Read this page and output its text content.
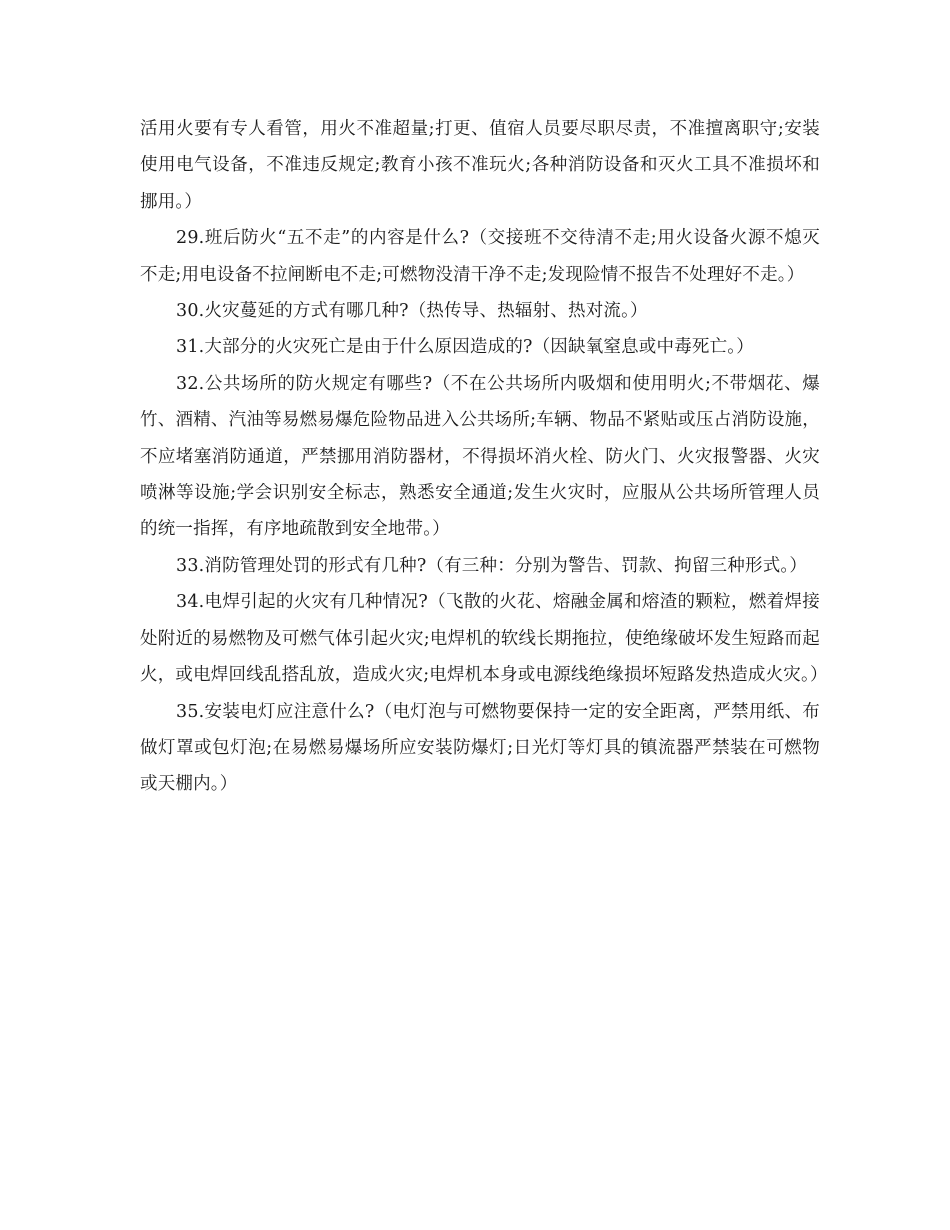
活用火要有专人看管，用火不准超量;打更、值宿人员要尽职尽责，不准擅离职守;安装使用电气设备，不准违反规定;教育小孩不准玩火;各种消防设备和灭火工具不准损坏和挪用。）

29.班后防火“五不走”的内容是什么?（交接班不交待清不走;用火设备火源不熄灭不走;用电设备不拉闸断电不走;可燃物没清干净不走;发现险情不报告不处理好不走。）

30.火灾蔓延的方式有哪几种?（热传导、热辐射、热对流。）

31.大部分的火灾死亡是由于什么原因造成的?（因缺氧窒息或中毒死亡。）

32.公共场所的防火规定有哪些?（不在公共场所内吸烟和使用明火;不带烟花、爆竹、酒精、汽油等易燃易爆危险物品进入公共场所;车辆、物品不紧贴或压占消防设施，不应堵塞消防通道，严禁挪用消防器材，不得损坏消火栓、防火门、火灾报警器、火灾喷淋等设施;学会识别安全标志，熟悉安全通道;发生火灾时，应服从公共场所管理人员的统一指挥，有序地疏散到安全地带。）

33.消防管理处罚的形式有几种?（有三种：分别为警告、罚款、拘留三种形式。）

34.电焊引起的火灾有几种情况?（飞散的火花、熔融金属和熔渣的颗粒，燃着焊接处附近的易燃物及可燃气体引起火灾;电焊机的软线长期拖拉，使绝缘破坏发生短路而起火，或电焊回线乱搭乱放，造成火灾;电焊机本身或电源线绝缘损坏短路发热造成火灾。）

35.安装电灯应注意什么?（电灯泡与可燃物要保持一定的安全距离，严禁用纸、布做灯罩或包灯泡;在易燃易爆场所应安装防爆灯;日光灯等灯具的镇流器严禁装在可燃物或天棚内。）
